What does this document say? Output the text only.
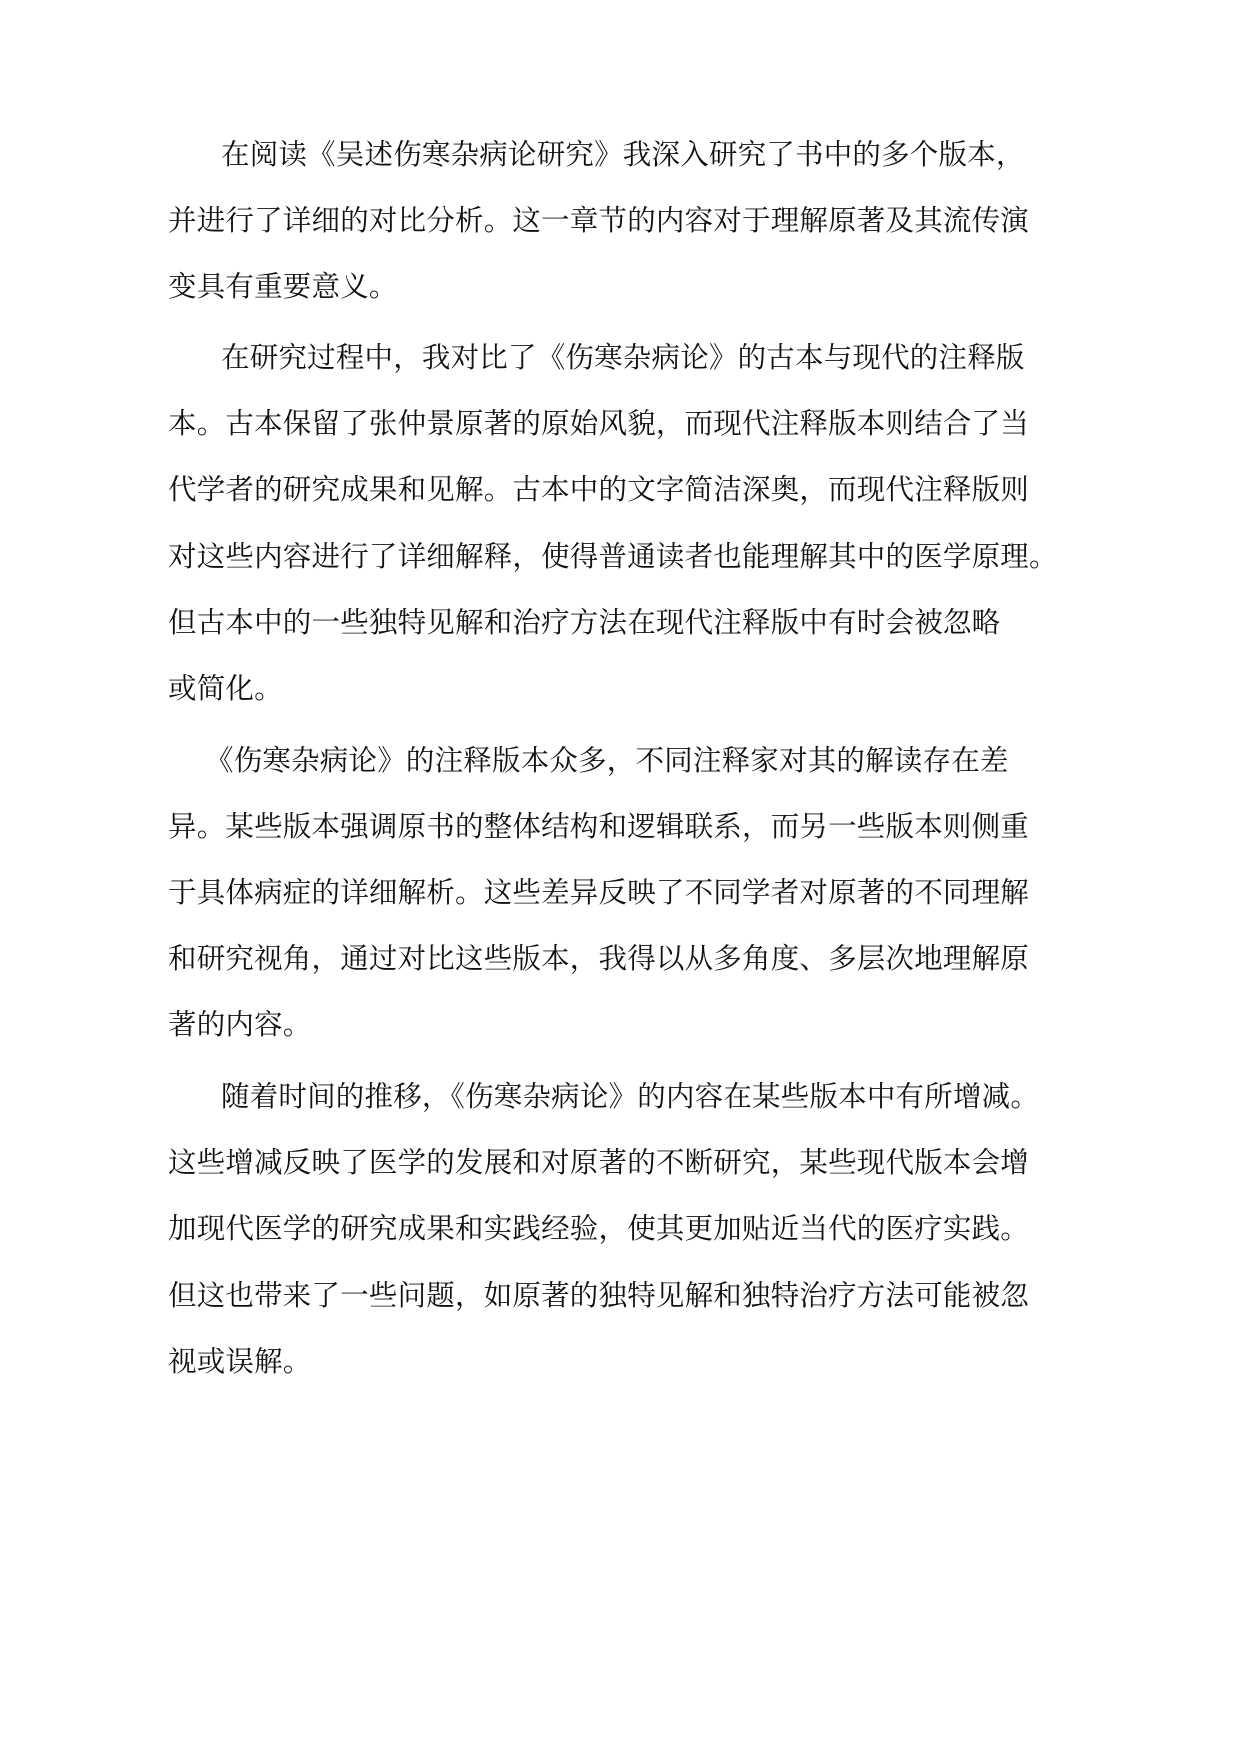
在阅读《吴述伤寒杂病论研究》我深入研究了书中的多个版本，
并进行了详细的对比分析。这一章节的内容对于理解原著及其流传演
变具有重要意义。
在研究过程中，我对比了《伤寒杂病论》的古本与现代的注释版
本。古本保留了张仲景原著的原始风貌，而现代注释版本则结合了当
代学者的研究成果和见解。古本中的文字简洁深奥，而现代注释版则
对这些内容进行了详细解释，使得普通读者也能理解其中的医学原理。
但古本中的一些独特见解和治疗方法在现代注释版中有时会被忽略
或简化。
《伤寒杂病论》的注释版本众多，不同注释家对其的解读存在差
异。某些版本强调原书的整体结构和逻辑联系，而另一些版本则侧重
于具体病症的详细解析。这些差异反映了不同学者对原著的不同理解
和研究视角，通过对比这些版本，我得以从多角度、多层次地理解原
著的内容。
随着时间的推移，《伤寒杂病论》的内容在某些版本中有所增减。
这些增减反映了医学的发展和对原著的不断研究，某些现代版本会增
加现代医学的研究成果和实践经验，使其更加贴近当代的医疗实践。
但这也带来了一些问题，如原著的独特见解和独特治疗方法可能被忽
视或误解。
